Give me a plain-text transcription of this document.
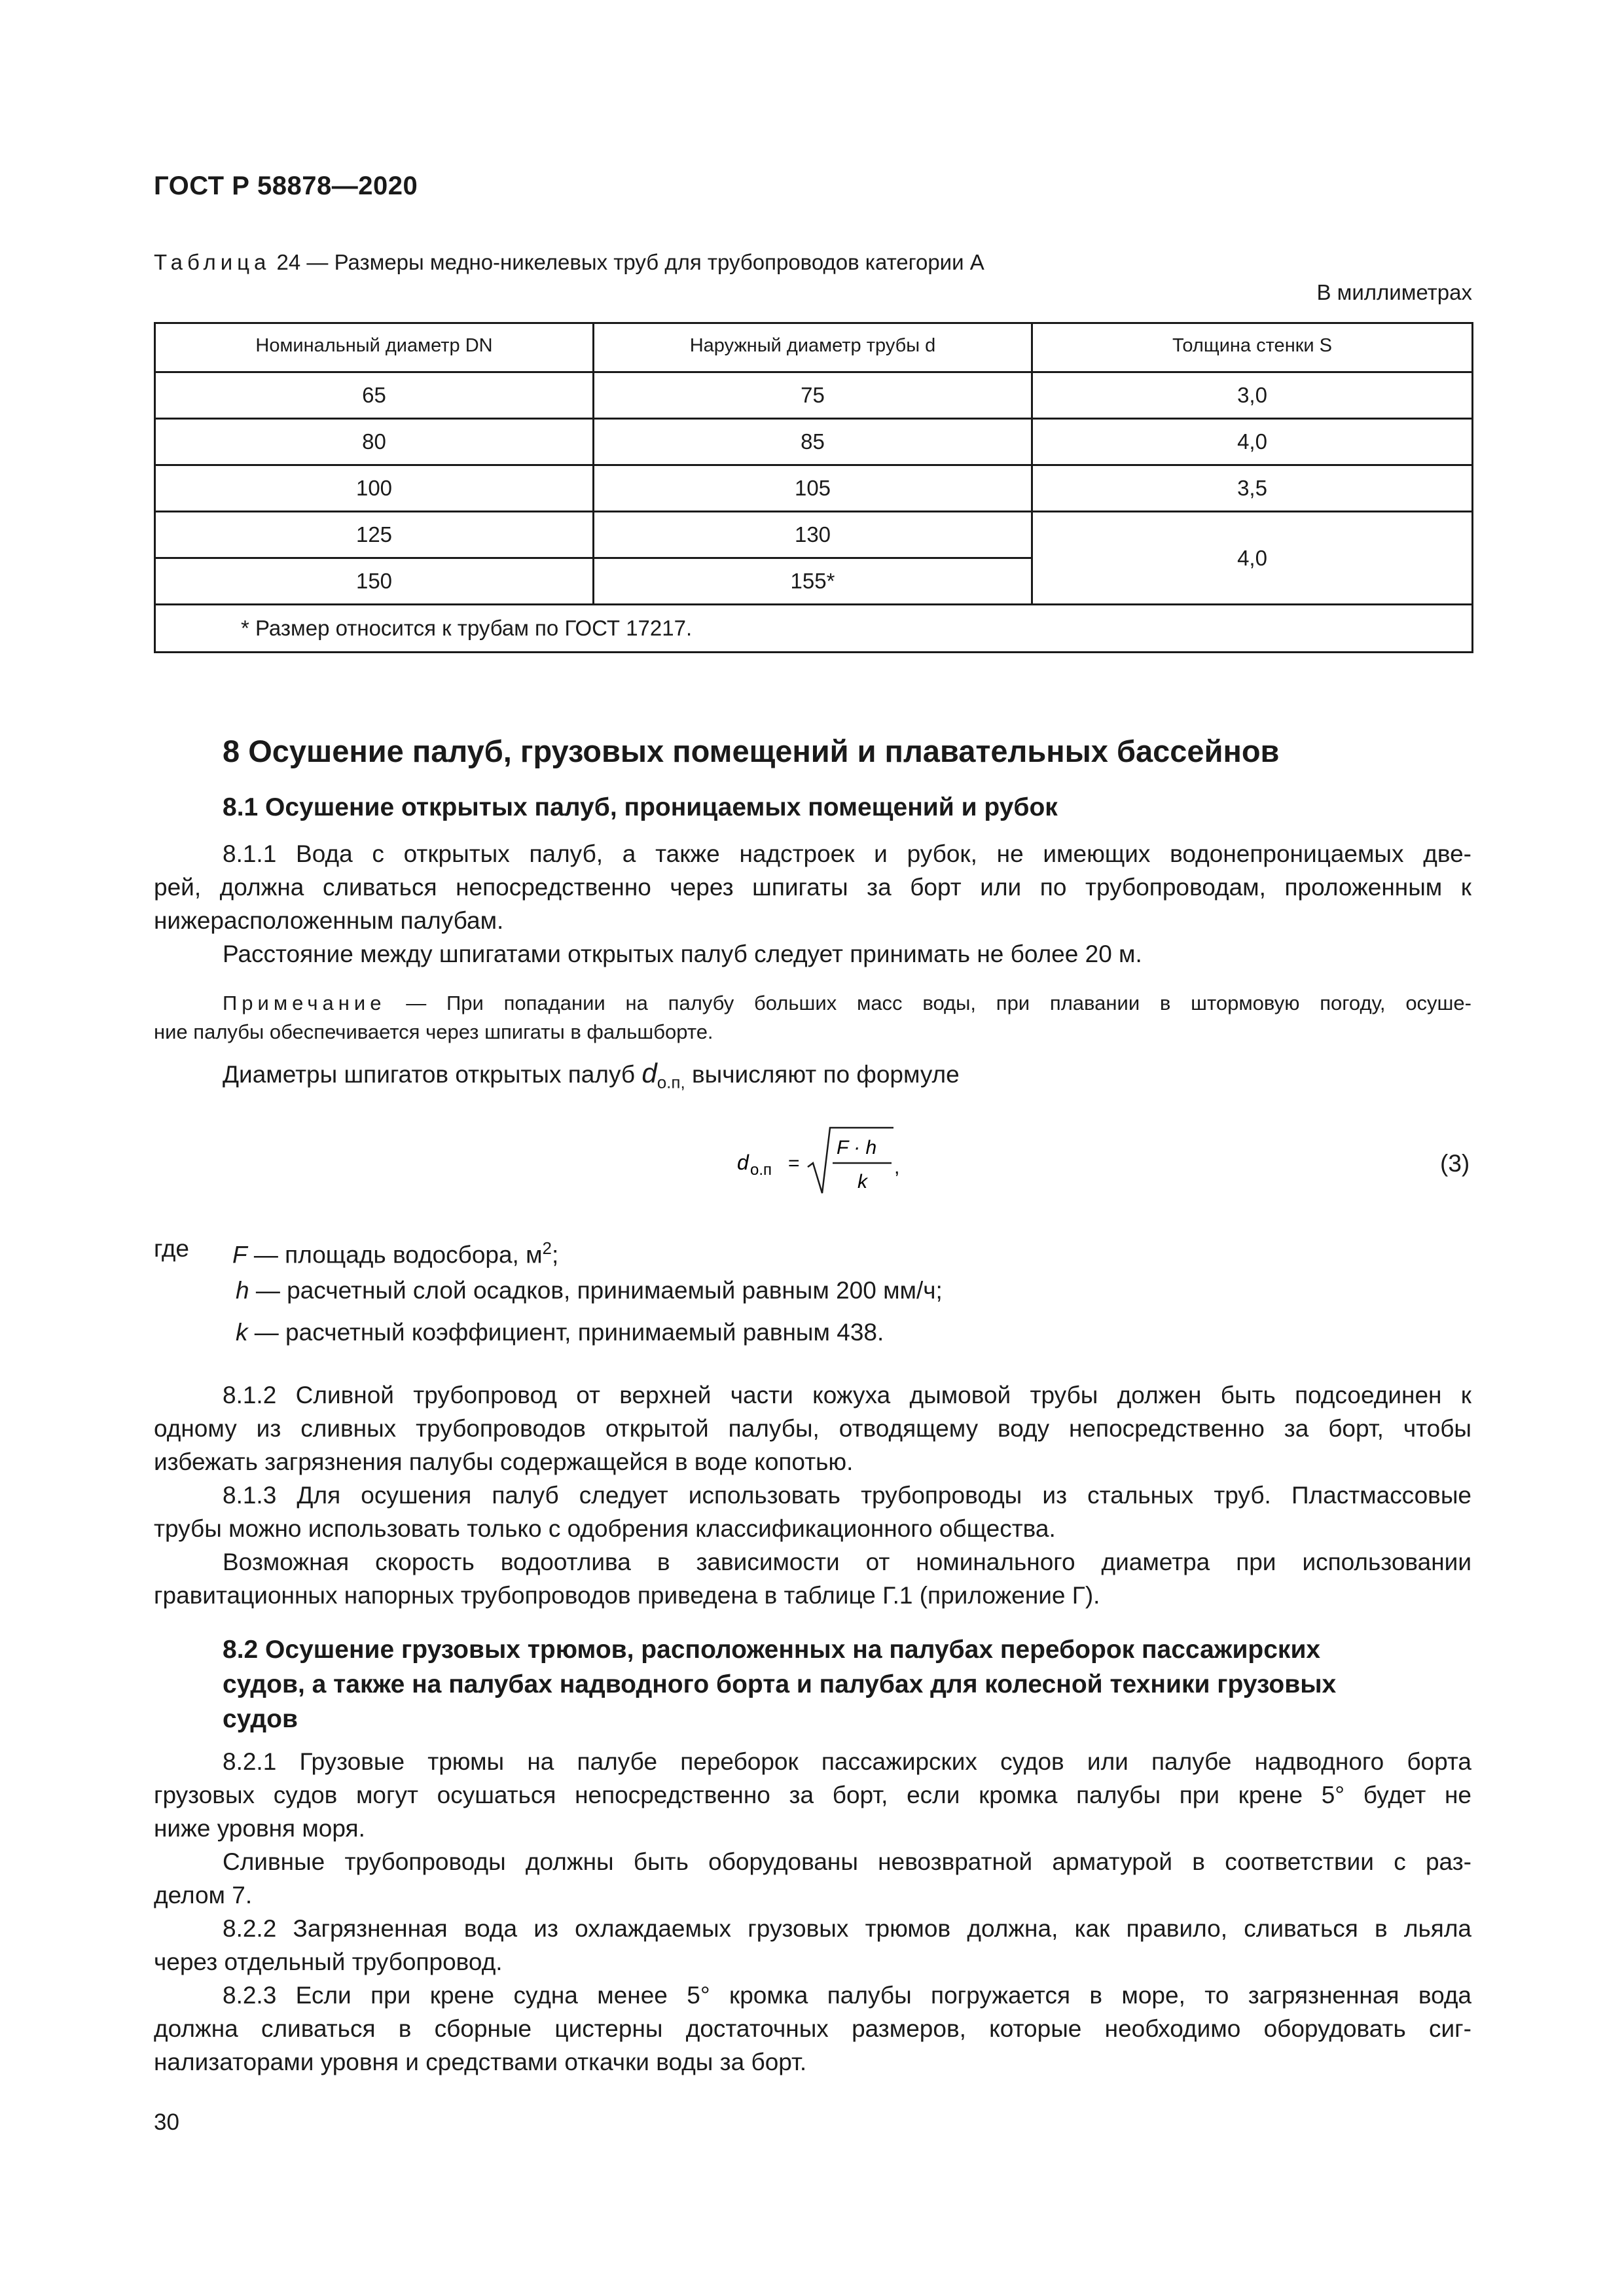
ГОСТ Р 58878—2020
Таблица 24 — Размеры медно-никелевых труб для трубопроводов категории А
В миллиметрах
Номинальный диаметр DN	Наружный диаметр трубы d	Толщина стенки S

65	75	3,0
80	85	4,0
100	105	3,5
125	130	4,0
150	155*	
* Размер относится к трубам по ГОСТ 17217.		
8 Осушение палуб, грузовых помещений и плавательных бассейнов
8.1 Осушение открытых палуб, проницаемых помещений и рубок
8.1.1 Вода с открытых палуб, а также надстроек и рубок, не имеющих водонепроницаемых две-
рей, должна сливаться непосредственно через шпигаты за борт или по трубопроводам, проложенным к
нижерасположенным палубам.
Расстояние между шпигатами открытых палуб следует принимать не более 20 м.
Примечание — При попадании на палубу больших масс воды, при плавании в штормовую погоду, осуше-
ние палубы обеспечивается через шпигаты в фальшборте.
Диаметры шпигатов открытых палуб $d_{о.п,}$ вычисляют по формуле
d о.п =
F · h
k
,	(3)
где F — площадь водосбора, $м^2$;
h — расчетный слой осадков, принимаемый равным 200 мм/ч;
k — расчетный коэффициент, принимаемый равным 438.
8.1.2 Сливной трубопровод от верхней части кожуха дымовой трубы должен быть подсоединен к
одному из сливных трубопроводов открытой палубы, отводящему воду непосредственно за борт, чтобы
избежать загрязнения палубы содержащейся в воде копотью.
8.1.3 Для осушения палуб следует использовать трубопроводы из стальных труб. Пластмассовые
трубы можно использовать только с одобрения классификационного общества.
Возможная скорость водоотлива в зависимости от номинального диаметра при использовании
гравитационных напорных трубопроводов приведена в таблице Г.1 (приложение Г).
8.2 Осушение грузовых трюмов, расположенных на палубах переборок пассажирских
судов, а также на палубах надводного борта и палубах для колесной техники грузовых
судов
8.2.1 Грузовые трюмы на палубе переборок пассажирских судов или палубе надводного борта
грузовых судов могут осушаться непосредственно за борт, если кромка палубы при крене 5° будет не
ниже уровня моря.
Сливные трубопроводы должны быть оборудованы невозвратной арматурой в соответствии с раз-
делом 7.
8.2.2 Загрязненная вода из охлаждаемых грузовых трюмов должна, как правило, сливаться в льяла
через отдельный трубопровод.
8.2.3 Если при крене судна менее 5° кромка палубы погружается в море, то загрязненная вода
должна сливаться в сборные цистерны достаточных размеров, которые необходимо оборудовать сиг-
нализаторами уровня и средствами откачки воды за борт.
30
